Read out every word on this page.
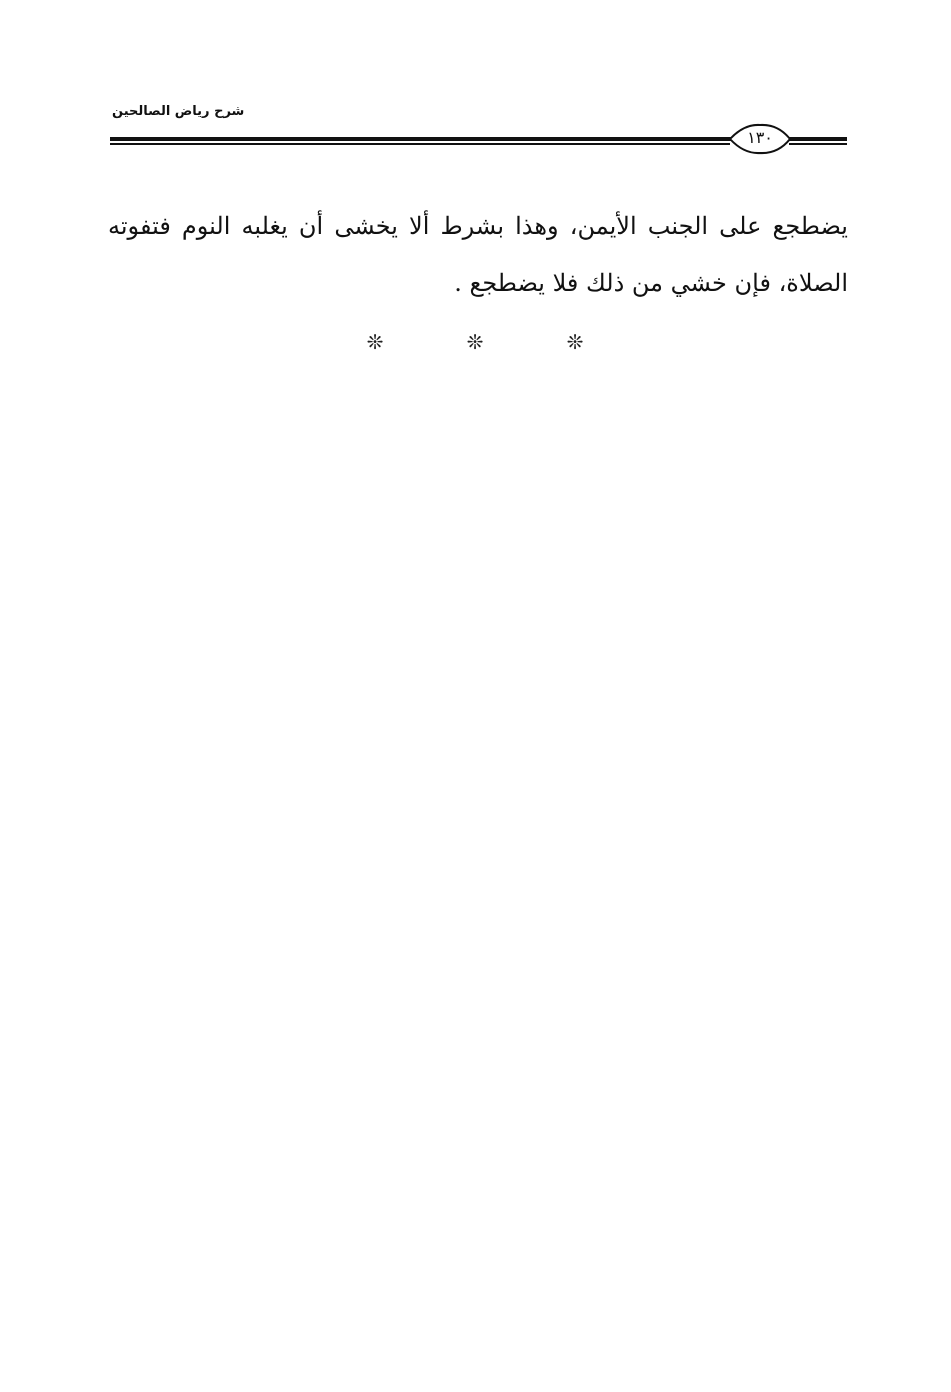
شرح رياض الصالحين
١٣٠
يضطجع على الجنب الأيمن، وهذا بشرط ألا يخشى أن يغلبه النوم فتفوته الصلاة، فإن خشي من ذلك فلا يضطجع .
❊	❊	❊
